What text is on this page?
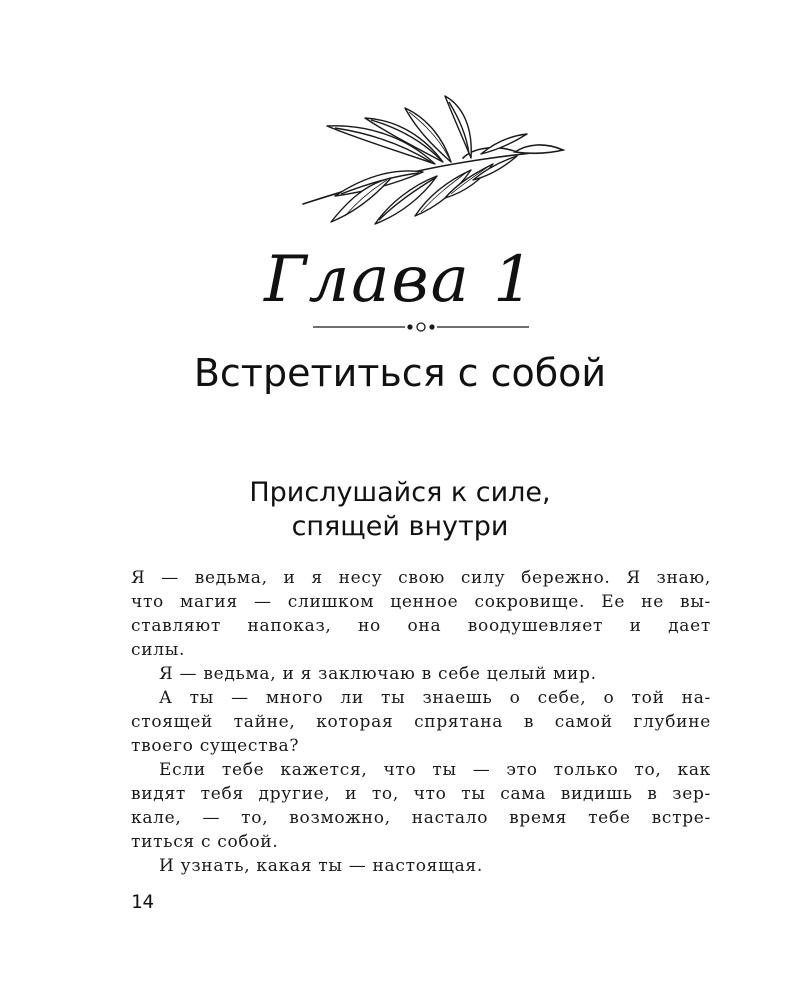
Глава 1
Встретиться с собой
Прислушайся к силе,
спящей внутри
Я — ведьма, и я несу свою силу бережно. Я знаю,
что магия — слишком ценное сокровище. Ее не вы-
ставляют напоказ, но она воодушевляет и дает
силы.
Я — ведьма, и я заключаю в себе целый мир.
А ты — много ли ты знаешь о себе, о той на-
стоящей тайне, которая спрятана в самой глубине
твоего существа?
Если тебе кажется, что ты — это только то, как
видят тебя другие, и то, что ты сама видишь в зер-
кале, — то, возможно, настало время тебе встре-
титься с собой.
И узнать, какая ты — настоящая.
14
